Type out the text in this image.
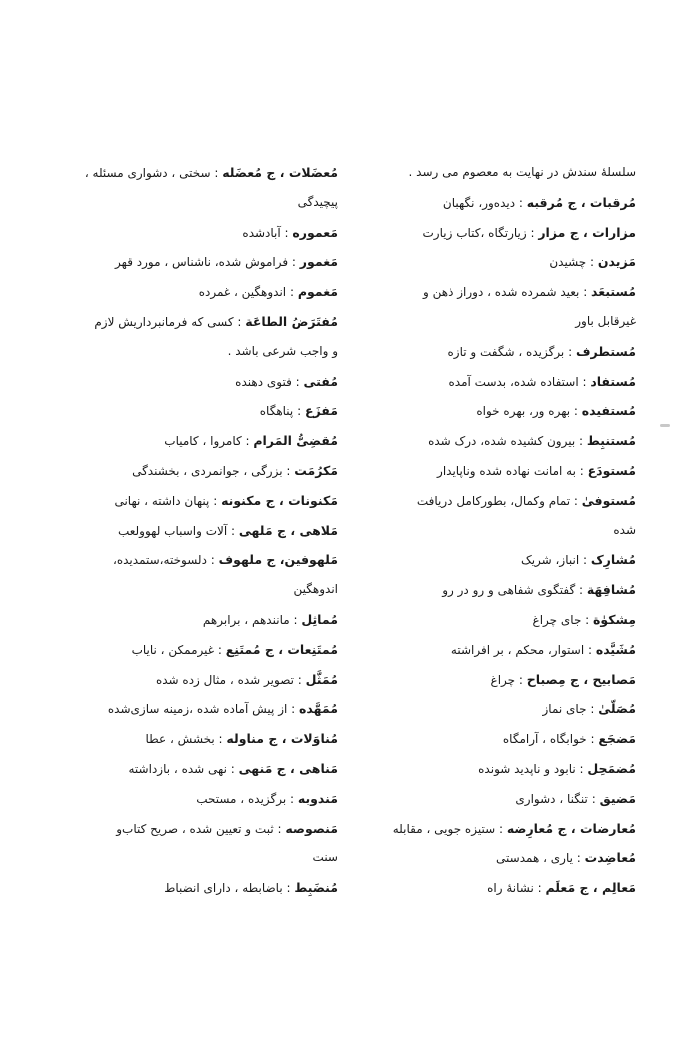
سلسلهٔ سندش در نهایت به معصوم می رسد .
مُرقبات ، ج مُرقبه : دیده‌ور، نگهبان
مزارات ، ج مزار : زیارتگاه ،کتاب زیارت
مَزیدن : چشیدن
مُستبعَد : بعید شمرده شده ، دوراز ذهن و
غیرقابل باور
مُستطرف : برگزیده ، شگفت و تازه
مُستفاد : استفاده شده، بدست آمده
مُستفیده : بهره ور، بهره خواه
مُستنبِط : بیرون کشیده شده، درک شده
مُستودَع : به امانت نهاده شده وناپایدار
مُستوفیٰ : تمام وکمال، بطورکامل دریافت
شده
مُشارِک : انباز، شریک
مُشافِهَة : گفتگوی شفاهی و رو در رو
مِشکوٰة : جای چراغ
مُشَیَّده : استوار، محکم ، بر افراشته
مَصابیح ، ج مِصباح : چراغ
مُصَلّیٰ : جای نماز
مَضجَع : خوابگاه ، آرامگاه
مُضمَحِل : نابود و ناپدید شونده
مَضیق : تنگنا ، دشواری
مُعارضات ، ج مُعارِضه : ستیزه جویی ، مقابله
مُعاضِدت : یاری ، همدستی
مَعالِم ، ج مَعلَم : نشانهٔ راه
مُعضَلات ، ج مُعضَله : سختی ، دشواری مسئله ،
پیچیدگی
مَعموره : آبادشده
مَغمور : فراموش شده، ناشناس ، مورد قهر
مَغموم : اندوهگین ، غمرده
مُفتَرَضُ الطاعَة : کسی که فرمانبرداریش لازم
و واجب شرعی باشد .
مُفتی : فتوی دهنده
مَفزَع : پناهگاه
مُقضِیُّ المَرام : کامروا ، کامیاب
مَکرُمَت : بزرگی ، جوانمردی ، بخشندگی
مَکنونات ، ج مکنونه : پنهان داشته ، نهانی
مَلاهی ، ج مَلهی : آلات واسباب لهوولعب
مَلهوفین، ج ملهوف : دلسوخته،ستمدیده،
اندوهگین
مُماثِل : مانندهم ، برابرهم
مُمتَنِعات ، ج مُمتَنِع : غیرممکن ، نایاب
مُمَثَّل : تصویر شده ، مثال زده شده
مُمَهَّده : از پیش آماده شده ،زمینه سازی‌شده
مُناوَلات ، ج مناوله : بخشش ، عطا
مَناهی ، ج مَنهی : نهی شده ، بازداشته
مَندوبه : برگزیده ، مستحب
مَنصوصه : ثبت و تعیین شده ، صریح کتاب‌و
سنت
مُنضَبِط : باضابطه ، دارای انضباط
